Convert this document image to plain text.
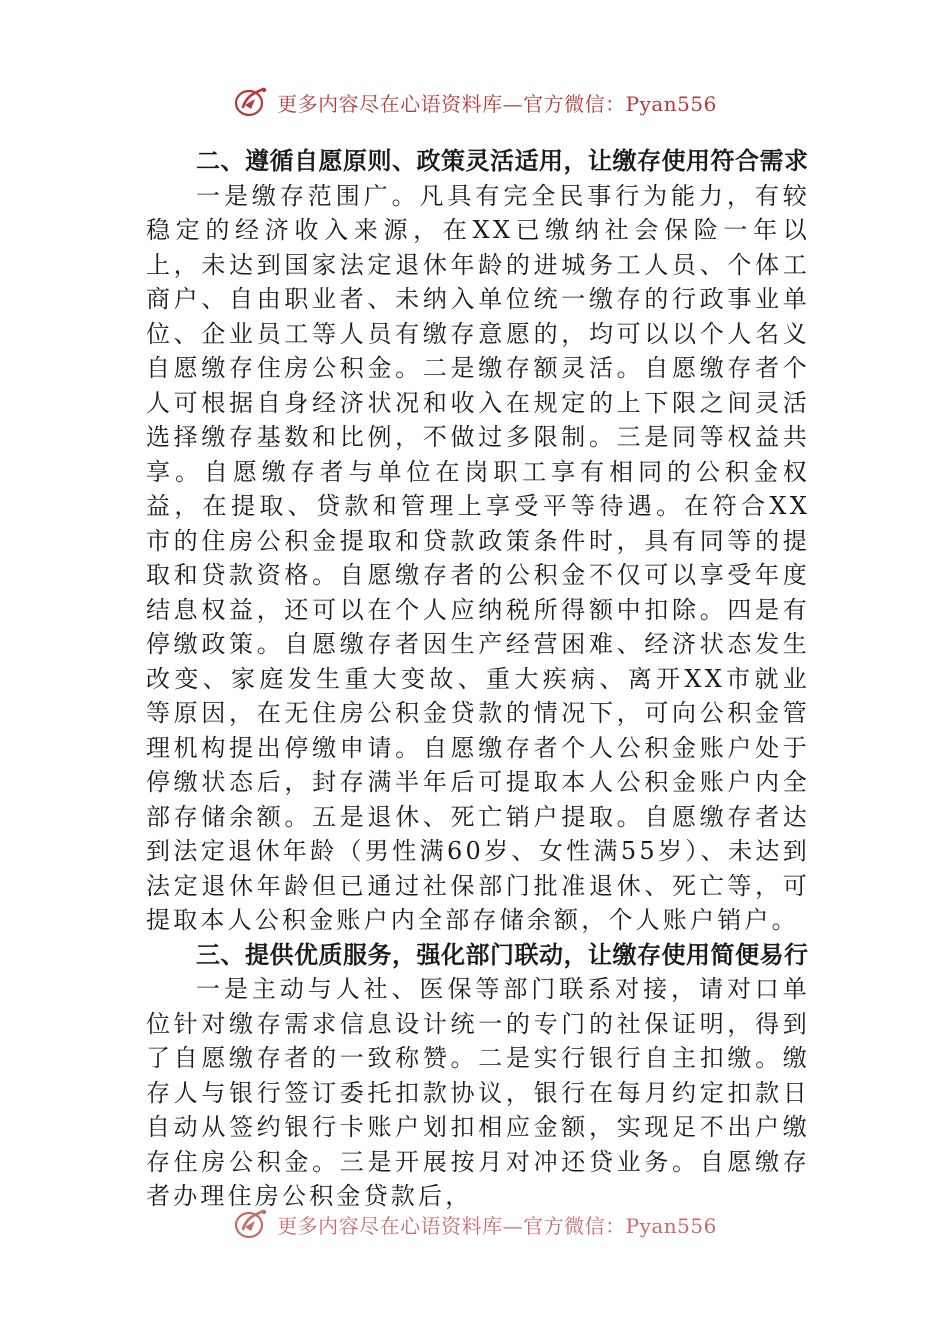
更多内容尽在心语资料库—官方微信：Pyan556

二、遵循自愿原则、政策灵活适用，让缴存使用符合需求

一是缴存范围广。凡具有完全民事行为能力，有较稳定的经济收入来源，在XX已缴纳社会保险一年以上，未达到国家法定退休年龄的进城务工人员、个体工商户、自由职业者、未纳入单位统一缴存的行政事业单位、企业员工等人员有缴存意愿的，均可以以个人名义自愿缴存住房公积金。二是缴存额灵活。自愿缴存者个人可根据自身经济状况和收入在规定的上下限之间灵活选择缴存基数和比例，不做过多限制。三是同等权益共享。自愿缴存者与单位在岗职工享有相同的公积金权益，在提取、贷款和管理上享受平等待遇。在符合XX市的住房公积金提取和贷款政策条件时，具有同等的提取和贷款资格。自愿缴存者的公积金不仅可以享受年度结息权益，还可以在个人应纳税所得额中扣除。四是有停缴政策。自愿缴存者因生产经营困难、经济状态发生改变、家庭发生重大变故、重大疾病、离开XX市就业等原因，在无住房公积金贷款的情况下，可向公积金管理机构提出停缴申请。自愿缴存者个人公积金账户处于停缴状态后，封存满半年后可提取本人公积金账户内全部存储余额。五是退休、死亡销户提取。自愿缴存者达到法定退休年龄（男性满60岁、女性满55岁）、未达到法定退休年龄但已通过社保部门批准退休、死亡等，可提取本人公积金账户内全部存储余额，个人账户销户。

三、提供优质服务，强化部门联动，让缴存使用简便易行

一是主动与人社、医保等部门联系对接，请对口单位针对缴存需求信息设计统一的专门的社保证明，得到了自愿缴存者的一致称赞。二是实行银行自主扣缴。缴存人与银行签订委托扣款协议，银行在每月约定扣款日自动从签约银行卡账户划扣相应金额，实现足不出户缴存住房公积金。三是开展按月对冲还贷业务。自愿缴存者办理住房公积金贷款后，

更多内容尽在心语资料库—官方微信：Pyan556
